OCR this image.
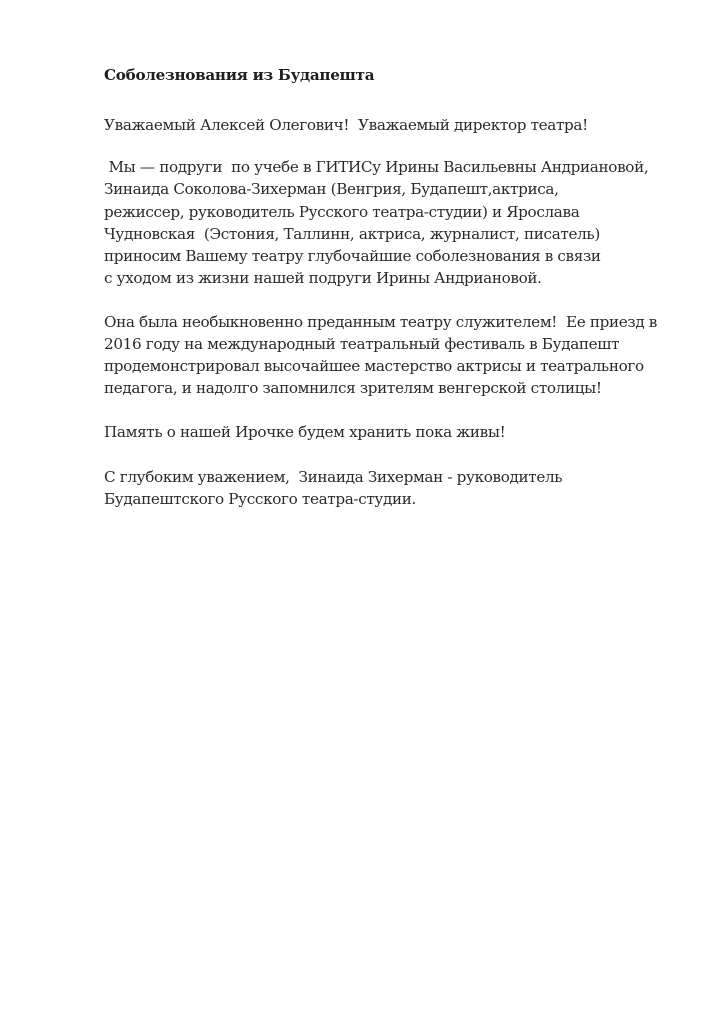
Соболезнования из Будапешта
Уважаемый Алексей Олегович!  Уважаемый директор театра!
Мы — подруги  по учебе в ГИТИСу Ирины Васильевны Андриановой,
Зинаида Соколова-Зихерман (Венгрия, Будапешт,актриса,
режиссер, руководитель Русского театра-студии) и Ярослава
Чудновская  (Эстония, Таллинн, актриса, журналист, писатель)
приносим Вашему театру глубочайшие соболезнования в связи
с уходом из жизни нашей подруги Ирины Андриановой.
Она была необыкновенно преданным театру служителем!  Ее приезд в
2016 году на международный театральный фестиваль в Будапешт
продемонстрировал высочайшее мастерство актрисы и театрального
педагога, и надолго запомнился зрителям венгерской столицы!
Память о нашей Ирочке будем хранить пока живы!
С глубоким уважением,  Зинаида Зихерман - руководитель
Будапештского Русского театра-студии.
